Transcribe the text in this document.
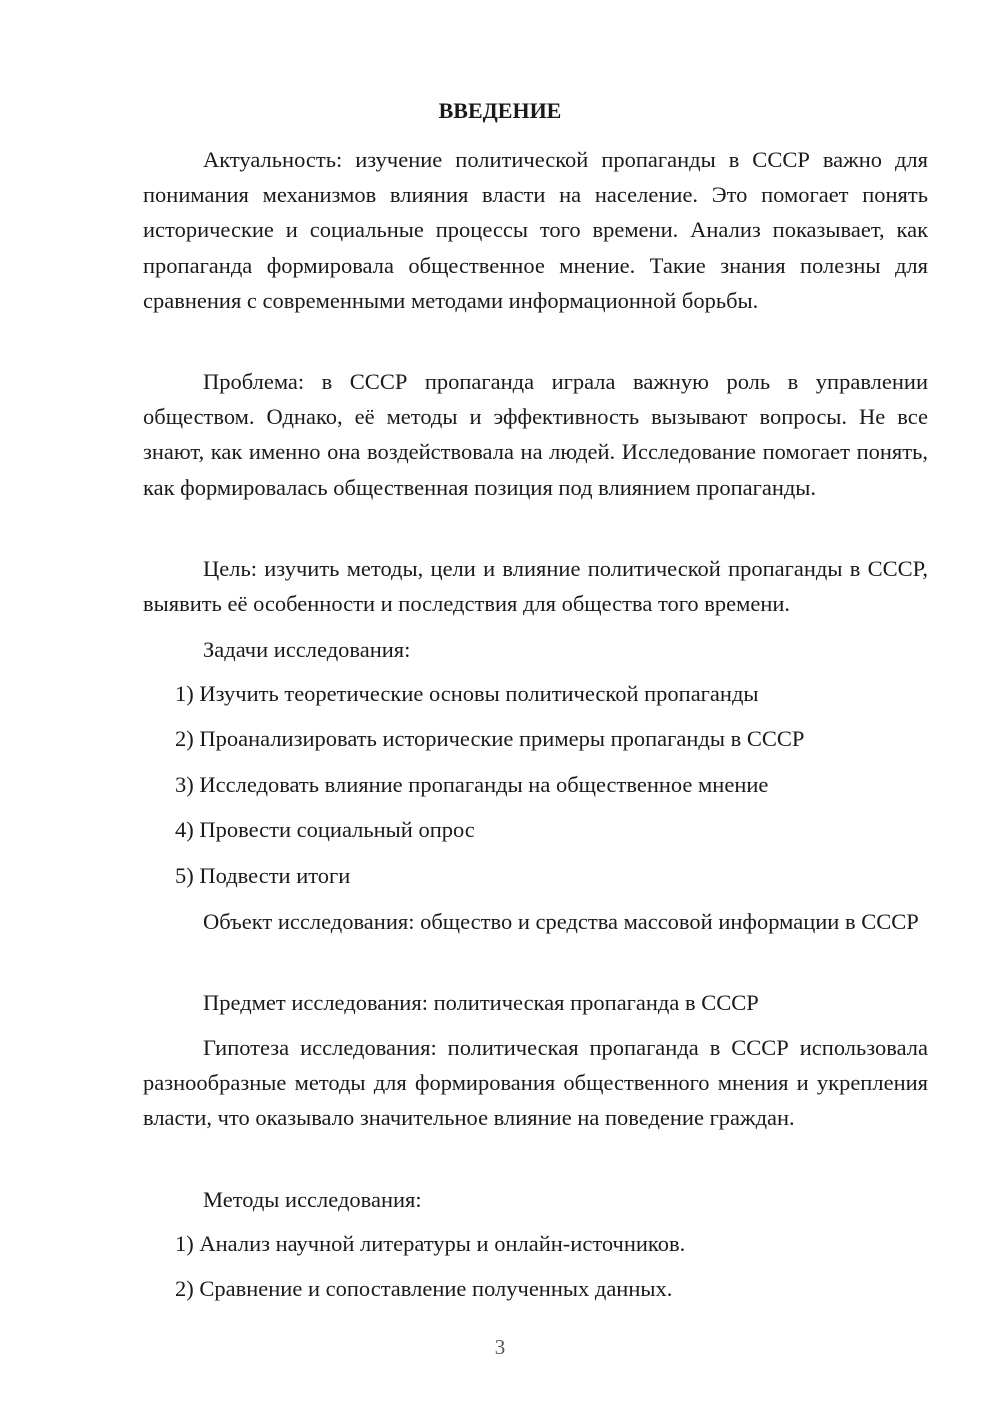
ВВЕДЕНИЕ

Актуальность: изучение политической пропаганды в СССР важно для понимания механизмов влияния власти на население. Это помогает понять исторические и социальные процессы того времени. Анализ показывает, как пропаганда формировала общественное мнение. Такие знания полезны для сравнения с современными методами информационной борьбы.

Проблема: в СССР пропаганда играла важную роль в управлении обществом. Однако, её методы и эффективность вызывают вопросы. Не все знают, как именно она воздействовала на людей. Исследование помогает понять, как формировалась общественная позиция под влиянием пропаганды.

Цель: изучить методы, цели и влияние политической пропаганды в СССР, выявить её особенности и последствия для общества того времени.

Задачи исследования:

1) Изучить теоретические основы политической пропаганды

2) Проанализировать исторические примеры пропаганды в СССР

3) Исследовать влияние пропаганды на общественное мнение

4) Провести социальный опрос

5) Подвести итоги

Объект исследования: общество и средства массовой информации в СССР

Предмет исследования: политическая пропаганда в СССР

Гипотеза исследования: политическая пропаганда в СССР использовала разнообразные методы для формирования общественного мнения и укрепления власти, что оказывало значительное влияние на поведение граждан.

Методы исследования:

1) Анализ научной литературы и онлайн-источников.

2) Сравнение и сопоставление полученных данных.

3
